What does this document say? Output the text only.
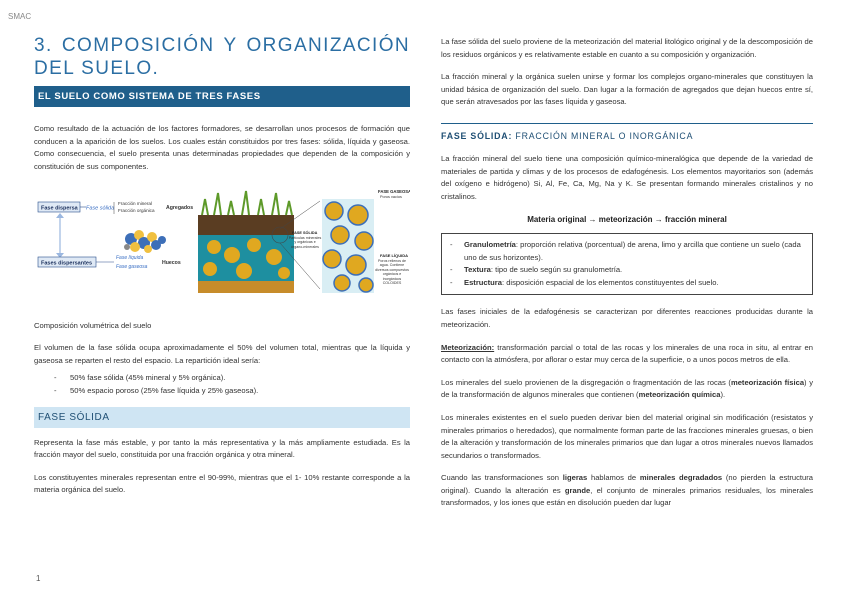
SMAC
3. COMPOSICIÓN Y ORGANIZACIÓN DEL SUELO.
EL SUELO COMO SISTEMA DE TRES FASES

Como resultado de la actuación de los factores formadores, se desarrollan unos procesos de formación que conducen a la aparición de los suelos. Los cuales están constituidos por tres fases: sólida, líquida y gaseosa. Como consecuencia, el suelo presenta unas determinadas propiedades que dependen de la composición y constitución de sus componentes.

Fase dispersa Fase sólida
Fracción mineral
Fracción orgánica Agregados
Fases dispersantes
Fase líquida
Fase gaseosa
Huecos
FASE GASEOSA
Poros vacíos
FASE SÓLIDA
Partículas minerales y orgánicas e órgano-minerales
FASE LÍQUIDA
Poros rellenos de agua. Contiene diversos compuestos orgánicos e inorgánicos COLOIDES
Composición volumétrica del suelo

El volumen de la fase sólida ocupa aproximadamente el 50% del volumen total, mientras que la líquida y gaseosa se reparten el resto del espacio. La repartición ideal sería:

- 50% fase sólida (45% mineral y 5% orgánica).
- 50% espacio poroso (25% fase líquida y 25% gaseosa).
FASE SÓLIDA

Representa la fase más estable, y por tanto la más representativa y la más ampliamente estudiada. Es la fracción mayor del suelo, constituida por una fracción orgánica y otra mineral.

Los constituyentes minerales representan entre el 90-99%, mientras que el 1- 10% restante corresponde a la materia orgánica del suelo.

La fase sólida del suelo proviene de la meteorización del material litológico original y de la descomposición de los residuos orgánicos y es relativamente estable en cuanto a su composición y organización.

La fracción mineral y la orgánica suelen unirse y formar los complejos organo-minerales que constituyen la unidad básica de organización del suelo. Dan lugar a la formación de agregados que dejan huecos entre sí, que serán atravesados por las fases líquida y gaseosa.

FASE SÓLIDA: FRACCIÓN MINERAL O INORGÁNICA

La fracción mineral del suelo tiene una composición químico-mineralógica que depende de la variedad de materiales de partida y climas y de los procesos de edafogénesis. Los elementos mayoritarios son (además del oxígeno e hidrógeno) Si, Al, Fe, Ca, Mg, Na y K. Se presentan formando minerales cristalinos y no cristalinos.

Materia original → meteorización → fracción mineral
- Granulometría: proporción relativa (porcentual) de arena, limo y arcilla que contiene un suelo (cada uno de sus horizontes).
- Textura: tipo de suelo según su granulometría.
- Estructura: disposición espacial de los elementos constituyentes del suelo.

Las fases iniciales de la edafogénesis se caracterizan por diferentes reacciones producidas durante la meteorización.

Meteorización: transformación parcial o total de las rocas y los minerales de una roca in situ, al entrar en contacto con la atmósfera, por aflorar o estar muy cerca de la superficie, o a unos pocos metros de ella.

Los minerales del suelo provienen de la disgregación o fragmentación de las rocas (meteorización física) y de la transformación de algunos minerales que contienen (meteorización química).

Los minerales existentes en el suelo pueden derivar bien del material original sin modificación (resistatos y minerales primarios o heredados), que normalmente forman parte de las fracciones minerales gruesas, o bien de la alteración y transformación de los minerales primarios que dan lugar a otros minerales nuevos llamados secundarios o transformados.

Cuando las transformaciones son ligeras hablamos de minerales degradados (no pierden la estructura original). Cuando la alteración es grande, el conjunto de minerales primarios residuales, los minerales transformados, y los iones que están en disolución pueden dar lugar

1
